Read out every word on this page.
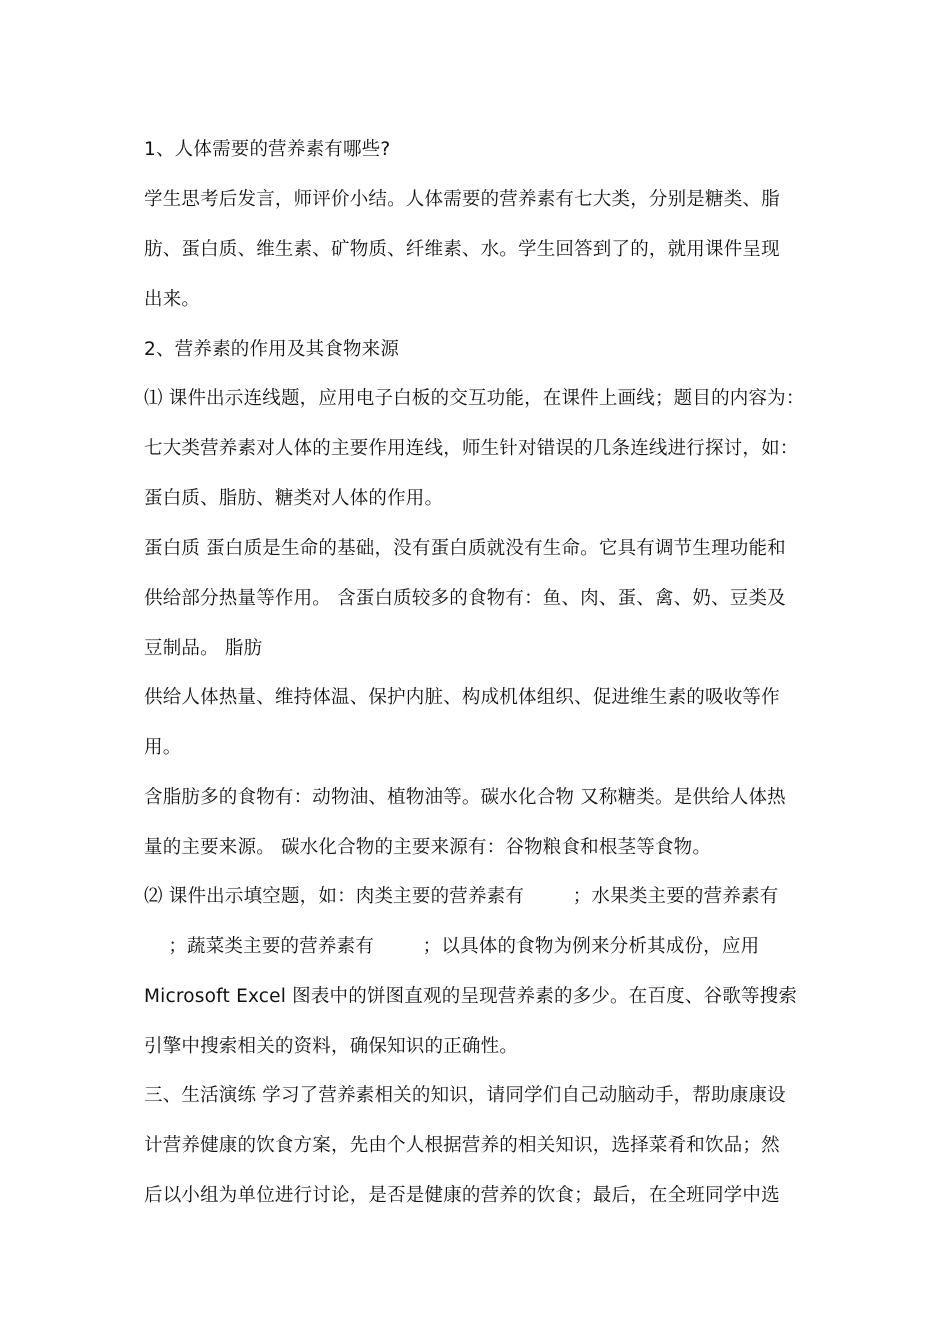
1、人体需要的营养素有哪些?
学生思考后发言，师评价小结。人体需要的营养素有七大类，分别是糖类、脂
肪、蛋白质、维生素、矿物质、纤维素、水。学生回答到了的，就用课件呈现
出来。
2、营养素的作用及其食物来源
⑴ 课件出示连线题，应用电子白板的交互功能，在课件上画线；题目的内容为：
七大类营养素对人体的主要作用连线，师生针对错误的几条连线进行探讨，如：
蛋白质、脂肪、糖类对人体的作用。
蛋白质 蛋白质是生命的基础，没有蛋白质就没有生命。它具有调节生理功能和
供给部分热量等作用。 含蛋白质较多的食物有：鱼、肉、蛋、禽、奶、豆类及
豆制品。 脂肪
供给人体热量、维持体温、保护内脏、构成机体组织、促进维生素的吸收等作
用。
含脂肪多的食物有：动物油、植物油等。碳水化合物 又称糖类。是供给人体热
量的主要来源。 碳水化合物的主要来源有：谷物粮食和根茎等食物。
⑵ 课件出示填空题，如：肉类主要的营养素有        ；水果类主要的营养素有
；蔬菜类主要的营养素有        ；以具体的食物为例来分析其成份，应用
Microsoft Excel 图表中的饼图直观的呈现营养素的多少。在百度、谷歌等搜索
引擎中搜索相关的资料，确保知识的正确性。
三、生活演练 学习了营养素相关的知识，请同学们自己动脑动手，帮助康康设
计营养健康的饮食方案，先由个人根据营养的相关知识，选择菜肴和饮品；然
后以小组为单位进行讨论，是否是健康的营养的饮食；最后，在全班同学中选
